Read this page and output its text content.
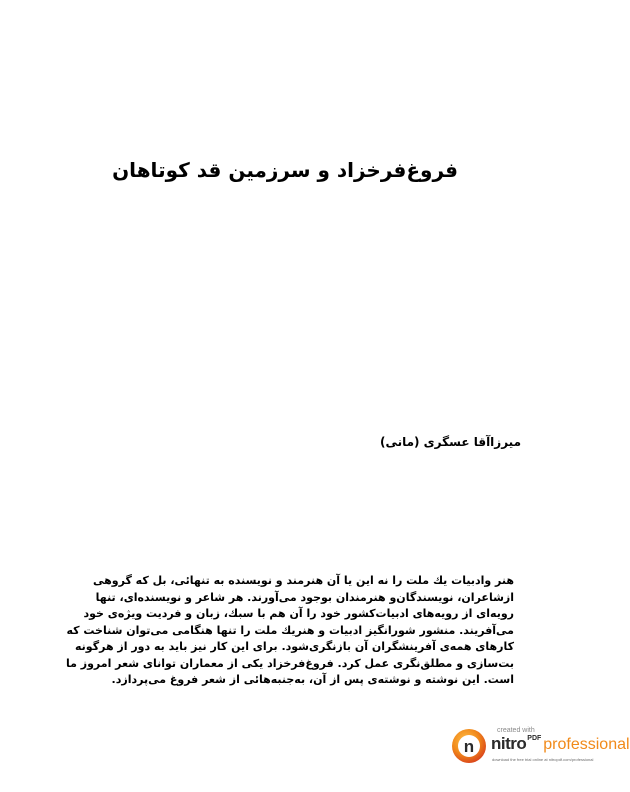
فروغ‌فرخزاد و سرزمین قد کوتاهان
میرزاآقا عسگری (مانی)
هنر وادبیات یك ملت را نه این یا آن هنرمند و نویسنده به تنهائی، بل كه گروهی
ازشاعران، نویسندگان‌و هنرمندان بوجود می‌آورند. هر شاعر و نویسنده‌ای، تنها
رویه‌ای از رویه‌های ادبیات‌كشور خود را آن هم با سبك، زبان و فردیت ویژه‌ی خود
می‌آفریند. منشور شورانگیز ادبیات و هنریك ملت را تنها هنگامی می‌توان شناخت كه
كارهای همه‌ی آفرینشگران آن بازنگری‌شود. برای این كار نیز باید به دور از هرگونه
بت‌سازی و مطلق‌نگری عمل كرد. فروغ‌فرخزاد یكی از معماران توانای شعر امروز ما
است. این نوشته و نوشته‌ی پس از آن، به‌جنبه‌هائی از شعر فروغ می‌پردازد.
n
created with
nitro$^{PDF}$ professional
download the free trial online at nitropdf.com/professional
